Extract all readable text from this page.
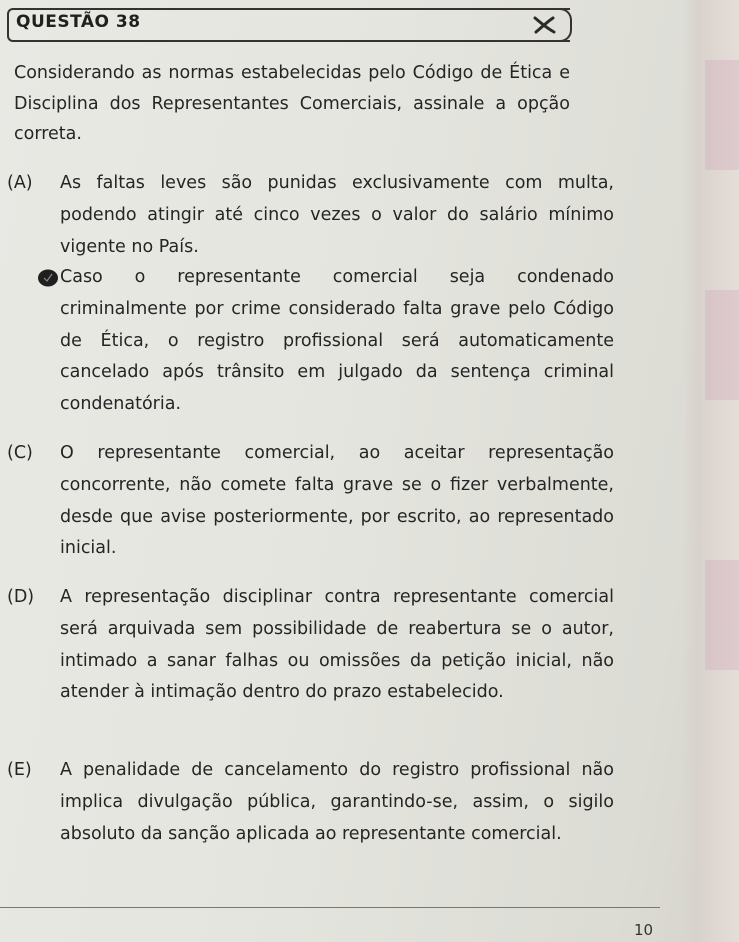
QUESTÃO 38

Considerando as normas estabelecidas pelo Código de Ética e Disciplina dos Representantes Comerciais, assinale a opção correta.

(A) As faltas leves são punidas exclusivamente com multa, podendo atingir até cinco vezes o valor do salário mínimo vigente no País.

Caso o representante comercial seja condenado criminalmente por crime considerado falta grave pelo Código de Ética, o registro profissional será automaticamente cancelado após trânsito em julgado da sentença criminal condenatória.

(C) O representante comercial, ao aceitar representação concorrente, não comete falta grave se o fizer verbalmente, desde que avise posteriormente, por escrito, ao representado inicial.

(D) A representação disciplinar contra representante comercial será arquivada sem possibilidade de reabertura se o autor, intimado a sanar falhas ou omissões da petição inicial, não atender à intimação dentro do prazo estabelecido.

(E) A penalidade de cancelamento do registro profissional não implica divulgação pública, garantindo-se, assim, o sigilo absoluto da sanção aplicada ao representante comercial.

10
